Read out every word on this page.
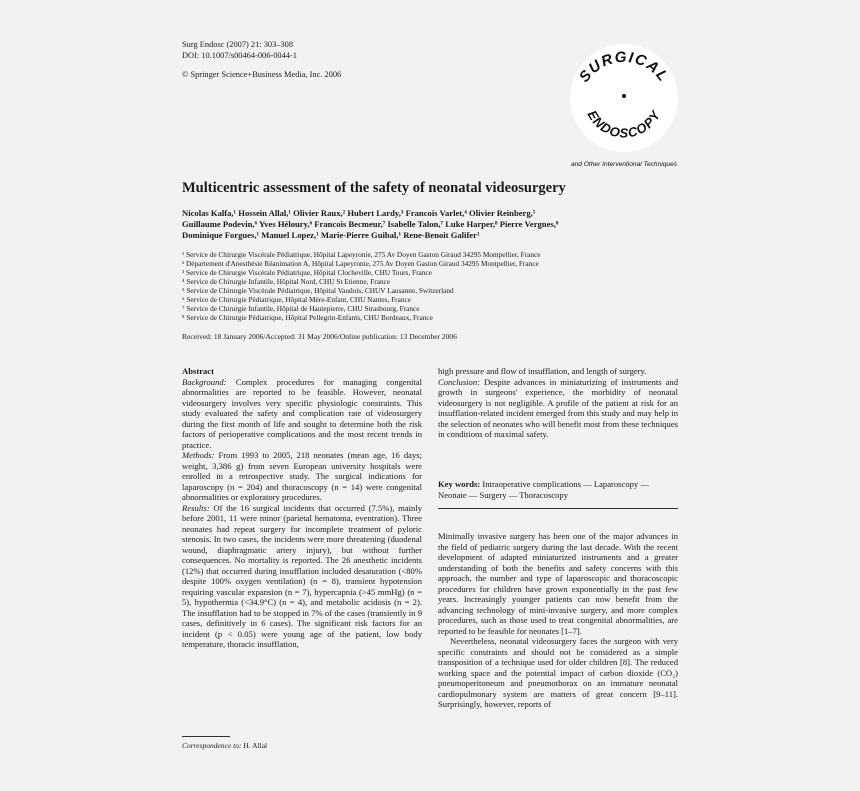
Surg Endosc (2007) 21: 303–308
DOI: 10.1007/s00464-006-0044-1
© Springer Science+Business Media, Inc. 2006	SURGICAL
ENDOSCOPY
and Other Interventional Techniques
Multicentric assessment of the safety of neonatal videosurgery
Nicolas Kalfa,¹ Hossein Allal,¹ Olivier Raux,² Hubert Lardy,³ Francois Varlet,⁴ Olivier Reinberg,⁵
Guillaume Podevin,⁶ Yves Héloury,⁶ Francois Becmeur,⁷ Isabelle Talon,⁷ Luke Harper,⁸ Pierre Vergnes,⁸
Dominique Forgues,¹ Manuel Lopez,¹ Marie-Pierre Guibal,¹ Rene-Benoit Galifer¹
¹ Service de Chirurgie Viscérale Pédiatrique, Hôpital Lapeyronie, 275 Av Doyen Gaston Giraud 34295 Montpellier, France
² Département d'Anesthésie Réanimation A, Hôpital Lapeyronie, 275 Av Doyen Gaston Giraud 34295 Montpellier, France
³ Service de Chirurgie Viscérale Pédiatrique, Hôpital Clocheville, CHU Tours, France
⁴ Service de Chirurgie Infantile, Hôpital Nord, CHU St Etienne, France
⁵ Service de Chirurgie Viscérale Pédiatrique, Hôpital Vaudois, CHUV Lausanne, Switzerland
⁶ Service de Chirurgie Pédiatrique, Hôpital Mère-Enfant, CHU Nantes, France
⁷ Service de Chirurgie Infantile, Hôpital de Hautepierre, CHU Strasbourg, France
⁸ Service de Chirurgie Pédiatrique, Hôpital Pellegrin-Enfants, CHU Bordeaux, France
Received: 18 January 2006/Accepted: 31 May 2006/Online publication: 13 December 2006

Abstract

Background: Complex procedures for managing congenital abnormalities are reported to be feasible. However, neonatal videosurgery involves very specific physiologic constraints. This study evaluated the safety and complication rate of videosurgery during the first month of life and sought to determine both the risk factors of perioperative complications and the most recent trends in practice.

Methods: From 1993 to 2005, 218 neonates (mean age, 16 days; weight, 3,386 g) from seven European university hospitals were enrolled in a retrospective study. The surgical indications for laparoscopy (n = 204) and thoracoscopy (n = 14) were congenital abnormalities or exploratory procedures.

Results: Of the 16 surgical incidents that occurred (7.5%), mainly before 2001, 11 were minor (parietal hematoma, eventration). Three neonates had repeat surgery for incomplete treatment of pyloric stenosis. In two cases, the incidents were more threatening (duodenal wound, diaphragmatic artery injury), but without further consequences. No mortality is reported. The 26 anesthetic incidents (12%) that occurred during insufflation included desaturation (<80% despite 100% oxygen ventilation) (n = 8), transient hypotension requiring vascular expansion (n = 7), hypercapnia (>45 mmHg) (n = 5), hypothermia (<34.9°C) (n = 4), and metabolic acidosis (n = 2). The insufflation had to be stopped in 7% of the cases (transiently in 9 cases, definitively in 6 cases). The significant risk factors for an incident (p < 0.05) were young age of the patient, low body temperature, thoracic insufflation,

high pressure and flow of insufflation, and length of surgery.

Conclusion: Despite advances in miniaturizing of instruments and growth in surgeons' experience, the morbidity of neonatal videosurgery is not negligible. A profile of the patient at risk for an insufflation-related incident emerged from this study and may help in the selection of neonates who will benefit most from these techniques in conditions of maximal safety.

Key words: Intraoperative complications — Laparoscopy — Neonate — Surgery — Thoracoscopy

Minimally invasive surgery has been one of the major advances in the field of pediatric surgery during the last decade. With the recent development of adapted miniaturized instruments and a greater understanding of both the benefits and safety concerns with this approach, the number and type of laparoscopic and thoracoscopic procedures for children have grown exponentially in the past few years. Increasingly younger patients can now benefit from the advancing technology of mini-invasive surgery, and more complex procedures, such as those used to treat congenital abnormalities, are reported to be feasible for neonates [1–7].

Nevertheless, neonatal videosurgery faces the surgeon with very specific constraints and should not be considered as a simple transposition of a technique used for older children [8]. The reduced working space and the potential impact of carbon dioxide (CO₂) pneumoperitoneum and pneumothorax on an immature neonatal cardiopulmonary system are matters of great concern [9–11]. Surprisingly, however, reports of

Correspondence to: H. Allal
